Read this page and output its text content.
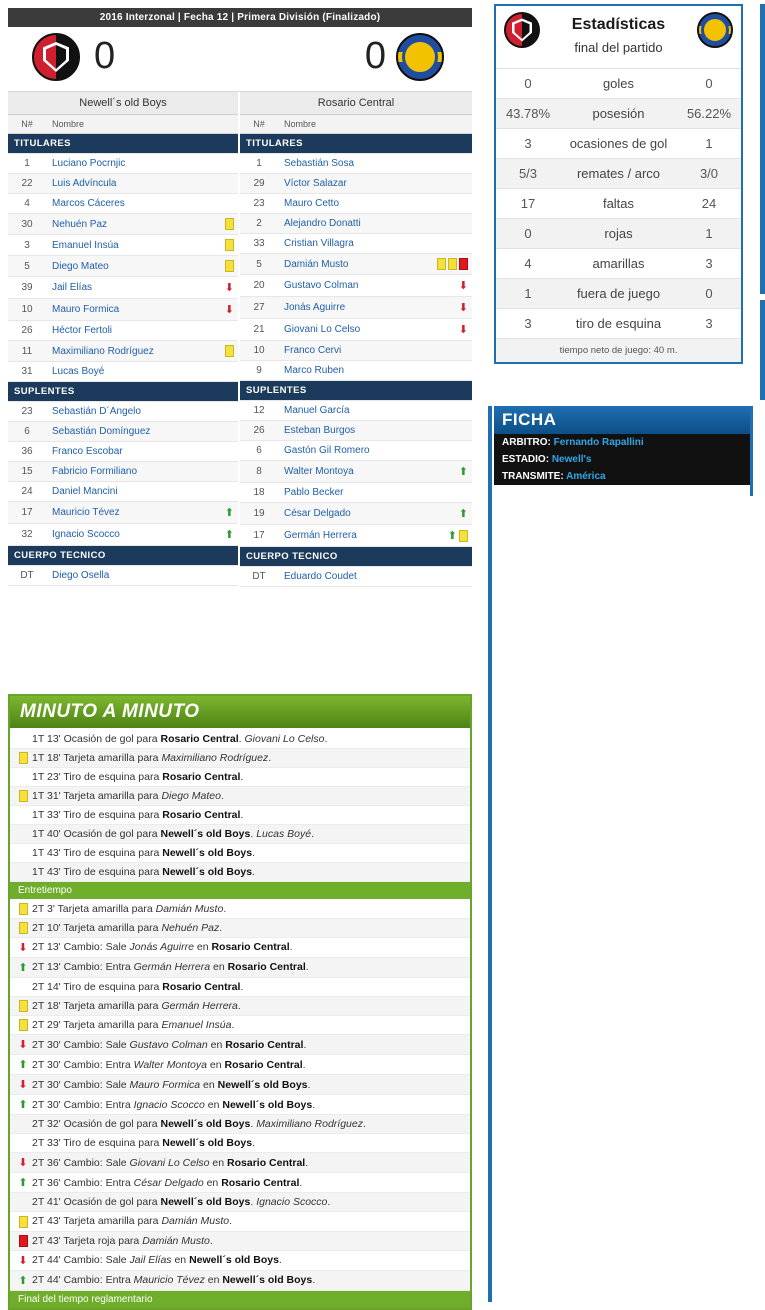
2016 Interzonal | Fecha 12 | Primera División (Finalizado)
0	0
Newell´s old Boys
N#	Nombre	
TITULARES		
1	Luciano Pocrnjic	
22	Luis Advíncula	
4	Marcos Cáceres	
30	Nehuén Paz	
3	Emanuel Insúa	
5	Diego Mateo	
39	Jail Elías	⬇
10	Mauro Formica	⬇
26	Héctor Fertoli	
11	Maximiliano Rodríguez	
31	Lucas Boyé	
SUPLENTES		
23	Sebastián D´Angelo	
6	Sebastián Domínguez	
36	Franco Escobar	
15	Fabricio Formiliano	
24	Daniel Mancini	
17	Mauricio Tévez	⬆
32	Ignacio Scocco	⬆
CUERPO TECNICO		
DT	Diego Osella	
Rosario Central
N#	Nombre	
TITULARES		
1	Sebastián Sosa	
29	Víctor Salazar	
23	Mauro Cetto	
2	Alejandro Donatti	
33	Cristian Villagra	
5	Damián Musto	
20	Gustavo Colman	⬇
27	Jonás Aguirre	⬇
21	Giovani Lo Celso	⬇
10	Franco Cervi	
9	Marco Ruben	
SUPLENTES		
12	Manuel García	
26	Esteban Burgos	
6	Gastón Gil Romero	
8	Walter Montoya	⬆
18	Pablo Becker	
19	César Delgado	⬆
17	Germán Herrera	⬆
CUERPO TECNICO		
DT	Eduardo Coudet	
Estadísticas
final del partido
0	goles	0
43.78%	posesión	56.22%
3	ocasiones de gol	1
5/3	remates / arco	3/0
17	faltas	24
0	rojas	1
4	amarillas	3
1	fuera de juego	0
3	tiro de esquina	3
tiempo neto de juego: 40 m.
FICHA
ARBITRO: Fernando Rapallini
ESTADIO: Newell's
TRANSMITE: América
MINUTO A MINUTO
1T 13' Ocasión de gol para Rosario Central. Giovani Lo Celso.
1T 18' Tarjeta amarilla para Maximiliano Rodríguez.
1T 23' Tiro de esquina para Rosario Central.
1T 31' Tarjeta amarilla para Diego Mateo.
1T 33' Tiro de esquina para Rosario Central.
1T 40' Ocasión de gol para Newell´s old Boys. Lucas Boyé.
1T 43' Tiro de esquina para Newell´s old Boys.
1T 43' Tiro de esquina para Newell´s old Boys.
Entretiempo
2T 3' Tarjeta amarilla para Damián Musto.
2T 10' Tarjeta amarilla para Nehuén Paz.
⬇ 2T 13' Cambio: Sale Jonás Aguirre en Rosario Central.
⬆ 2T 13' Cambio: Entra Germán Herrera en Rosario Central.
2T 14' Tiro de esquina para Rosario Central.
2T 18' Tarjeta amarilla para Germán Herrera.
2T 29' Tarjeta amarilla para Emanuel Insúa.
⬇ 2T 30' Cambio: Sale Gustavo Colman en Rosario Central.
⬆ 2T 30' Cambio: Entra Walter Montoya en Rosario Central.
⬇ 2T 30' Cambio: Sale Mauro Formica en Newell´s old Boys.
⬆ 2T 30' Cambio: Entra Ignacio Scocco en Newell´s old Boys.
2T 32' Ocasión de gol para Newell´s old Boys. Maximiliano Rodríguez.
2T 33' Tiro de esquina para Newell´s old Boys.
⬇ 2T 36' Cambio: Sale Giovani Lo Celso en Rosario Central.
⬆ 2T 36' Cambio: Entra César Delgado en Rosario Central.
2T 41' Ocasión de gol para Newell´s old Boys. Ignacio Scocco.
2T 43' Tarjeta amarilla para Damián Musto.
2T 43' Tarjeta roja para Damián Musto.
⬇ 2T 44' Cambio: Sale Jail Elías en Newell´s old Boys.
⬆ 2T 44' Cambio: Entra Mauricio Tévez en Newell´s old Boys.
Final del tiempo reglamentario
